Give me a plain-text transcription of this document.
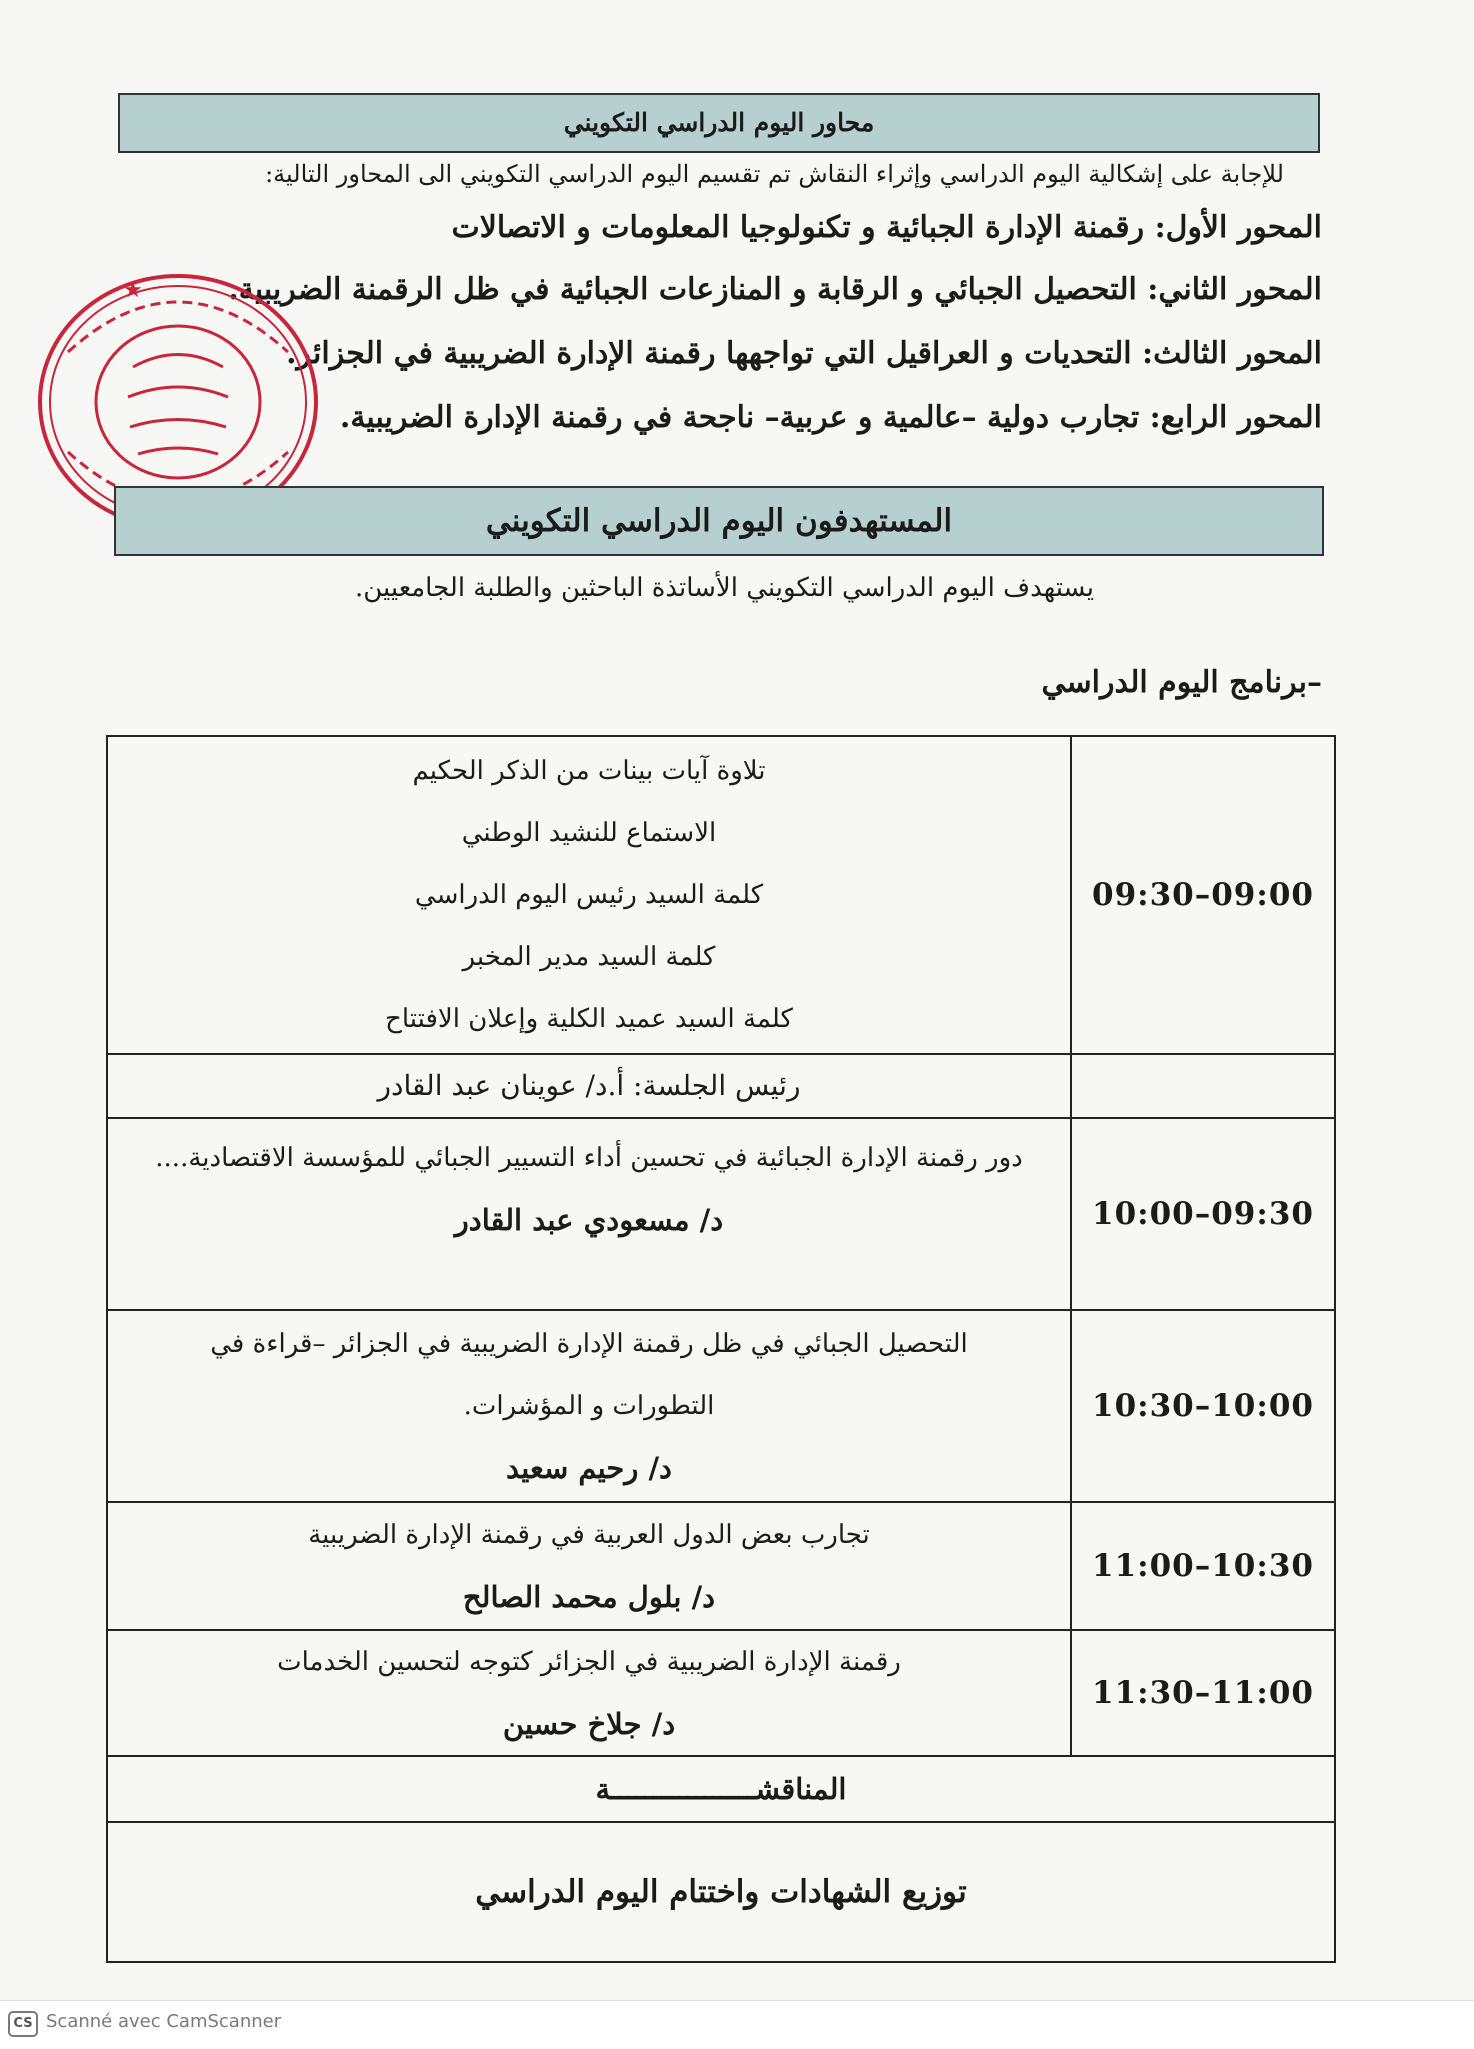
محاور اليوم الدراسي التكويني
للإجابة على إشكالية اليوم الدراسي وإثراء النقاش تم تقسيم اليوم الدراسي التكويني الى المحاور التالية:
المحور الأول: رقمنة الإدارة الجبائية و تكنولوجيا المعلومات و الاتصالات
المحور الثاني: التحصيل الجبائي و الرقابة و المنازعات الجبائية في ظل الرقمنة الضريبية.
المحور الثالث: التحديات و العراقيل التي تواجهها رقمنة الإدارة الضريبية في الجزائر.
المحور الرابع: تجارب دولية –عالمية و عربية– ناجحة في رقمنة الإدارة الضريبية.
★
المستهدفون اليوم الدراسي التكويني
يستهدف اليوم الدراسي التكويني الأساتذة الباحثين والطلبة الجامعيين.
–برنامج اليوم الدراسي
تلاوة آيات بينات من الذكر الحكيم
الاستماع للنشيد الوطني
كلمة السيد رئيس اليوم الدراسي
كلمة السيد مدير المخبر
كلمة السيد عميد الكلية وإعلان الافتتاح	09:30–09:00

رئيس الجلسة: أ.د/ عوينان عبد القادر	

دور رقمنة الإدارة الجبائية في تحسين أداء التسيير الجبائي للمؤسسة الاقتصادية....
د/ مسعودي عبد القادر	10:00–09:30

التحصيل الجبائي في ظل رقمنة الإدارة الضريبية في الجزائر –قراءة في
التطورات و المؤشرات.
د/ رحيم سعيد	10:30–10:00

تجارب بعض الدول العربية في رقمنة الإدارة الضريبية
د/ بلول محمد الصالح	11:00–10:30

رقمنة الإدارة الضريبية في الجزائر كتوجه لتحسين الخدمات
د/ جلاخ حسين	11:30–11:00

المناقشـــــــــــــــــة	

توزيع الشهادات واختتام اليوم الدراسي	
CS Scanné avec CamScanner
